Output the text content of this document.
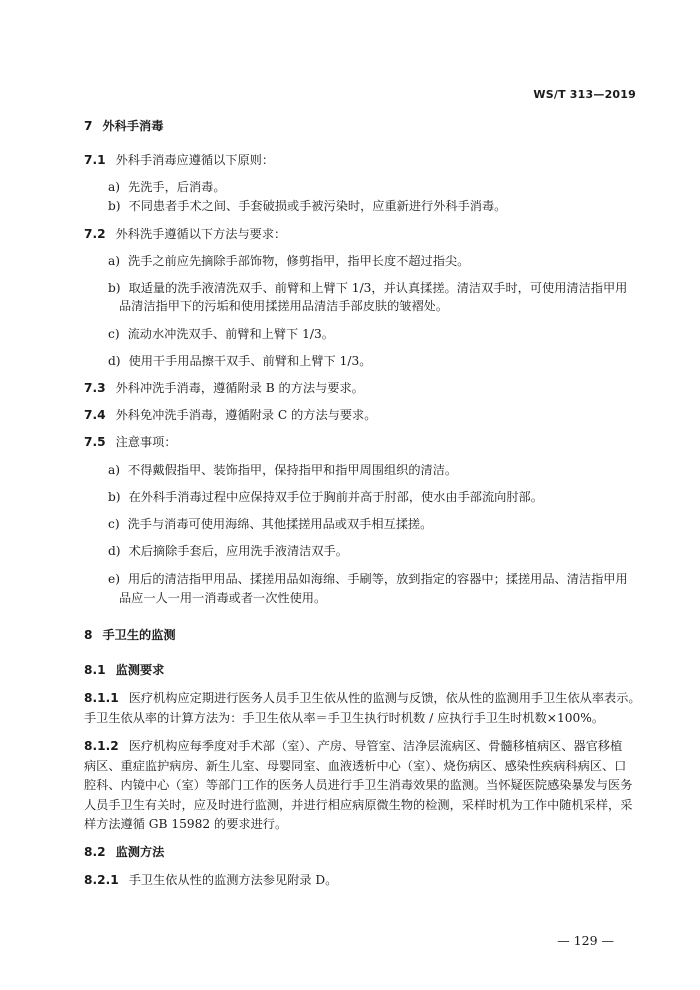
WS/T 313—2019
7 外科手消毒
7.1 外科手消毒应遵循以下原则：
a) 先洗手，后消毒。
b) 不同患者手术之间、手套破损或手被污染时，应重新进行外科手消毒。
7.2 外科洗手遵循以下方法与要求：
a) 洗手之前应先摘除手部饰物，修剪指甲，指甲长度不超过指尖。
b) 取适量的洗手液清洗双手、前臂和上臂下 1/3，并认真揉搓。清洁双手时，可使用清洁指甲用
品清洁指甲下的污垢和使用揉搓用品清洁手部皮肤的皱褶处。
c) 流动水冲洗双手、前臂和上臂下 1/3。
d) 使用干手用品擦干双手、前臂和上臂下 1/3。
7.3 外科冲洗手消毒，遵循附录 B 的方法与要求。
7.4 外科免冲洗手消毒，遵循附录 C 的方法与要求。
7.5 注意事项：
a) 不得戴假指甲、装饰指甲，保持指甲和指甲周围组织的清洁。
b) 在外科手消毒过程中应保持双手位于胸前并高于肘部，使水由手部流向肘部。
c) 洗手与消毒可使用海绵、其他揉搓用品或双手相互揉搓。
d) 术后摘除手套后，应用洗手液清洁双手。
e) 用后的清洁指甲用品、揉搓用品如海绵、手刷等，放到指定的容器中；揉搓用品、清洁指甲用
品应一人一用一消毒或者一次性使用。
8 手卫生的监测
8.1 监测要求
8.1.1 医疗机构应定期进行医务人员手卫生依从性的监测与反馈，依从性的监测用手卫生依从率表示。
手卫生依从率的计算方法为：手卫生依从率＝手卫生执行时机数 / 应执行手卫生时机数×100%。
8.1.2 医疗机构应每季度对手术部（室）、产房、导管室、洁净层流病区、骨髓移植病区、器官移植
病区、重症监护病房、新生儿室、母婴同室、血液透析中心（室）、烧伤病区、感染性疾病科病区、口
腔科、内镜中心（室）等部门工作的医务人员进行手卫生消毒效果的监测。当怀疑医院感染暴发与医务
人员手卫生有关时，应及时进行监测，并进行相应病原微生物的检测，采样时机为工作中随机采样，采
样方法遵循 GB 15982 的要求进行。
8.2 监测方法
8.2.1 手卫生依从性的监测方法参见附录 D。
— 129 —
